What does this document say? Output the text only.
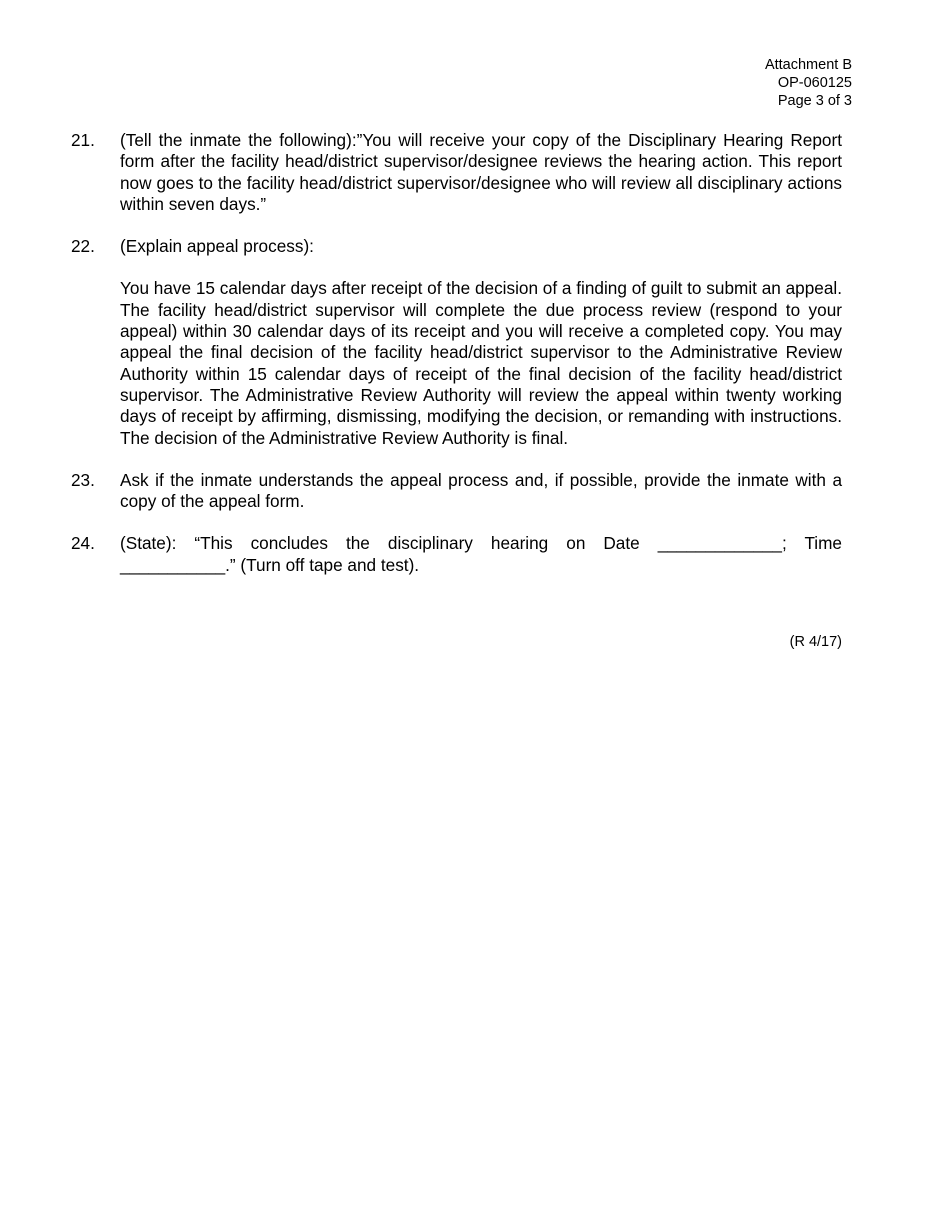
Attachment B
OP-060125
Page 3 of 3
21. (Tell the inmate the following):”You will receive your copy of the Disciplinary Hearing Report form after the facility head/district supervisor/designee reviews the hearing action. This report now goes to the facility head/district supervisor/designee who will review all disciplinary actions within seven days.”

22. (Explain appeal process):

You have 15 calendar days after receipt of the decision of a finding of guilt to submit an appeal. The facility head/district supervisor will complete the due process review (respond to your appeal) within 30 calendar days of its receipt and you will receive a completed copy. You may appeal the final decision of the facility head/district supervisor to the Administrative Review Authority within 15 calendar days of receipt of the final decision of the facility head/district supervisor. The Administrative Review Authority will review the appeal within twenty working days of receipt by affirming, dismissing, modifying the decision, or remanding with instructions. The decision of the Administrative Review Authority is final.

23. Ask if the inmate understands the appeal process and, if possible, provide the inmate with a copy of the appeal form.

24. (State): “This concludes the disciplinary hearing on Date _____________; Time ___________.” (Turn off tape and test).

(R 4/17)
